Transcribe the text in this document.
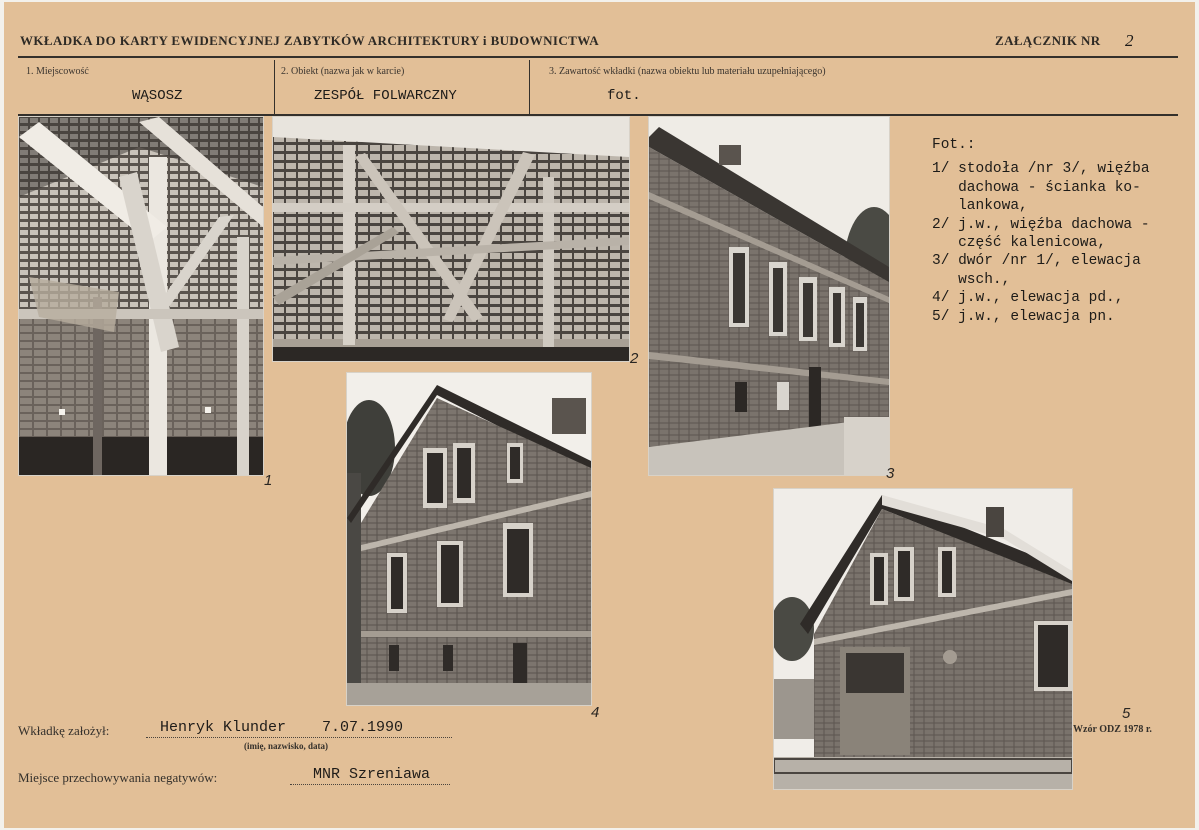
WKŁADKA DO KARTY EWIDENCYJNEJ ZABYTKÓW ARCHITEKTURY i BUDOWNICTWA	ZAŁĄCZNIK NR 2
1. Miejscowość
WĄSOSZ
2. Obiekt (nazwa jak w karcie)
ZESPÓŁ FOLWARCZNY
3. Zawartość wkładki (nazwa obiektu lub materiału uzupełniającego)
fot.
1
2
3
4	5
Fot.:
1/ stodoła /nr 3/, więźba
dachowa - ścianka ko-
lankowa,
2/ j.w., więźba dachowa -
część kalenicowa,
3/ dwór /nr 1/, elewacja
wsch.,
4/ j.w., elewacja pd.,
5/ j.w., elewacja pn.
Wkładkę założył:	Henryk Klunder 7.07.1990
(imię, nazwisko, data)
Miejsce przechowywania negatywów:	MNR Szreniawa
Wzór ODZ 1978 r.
